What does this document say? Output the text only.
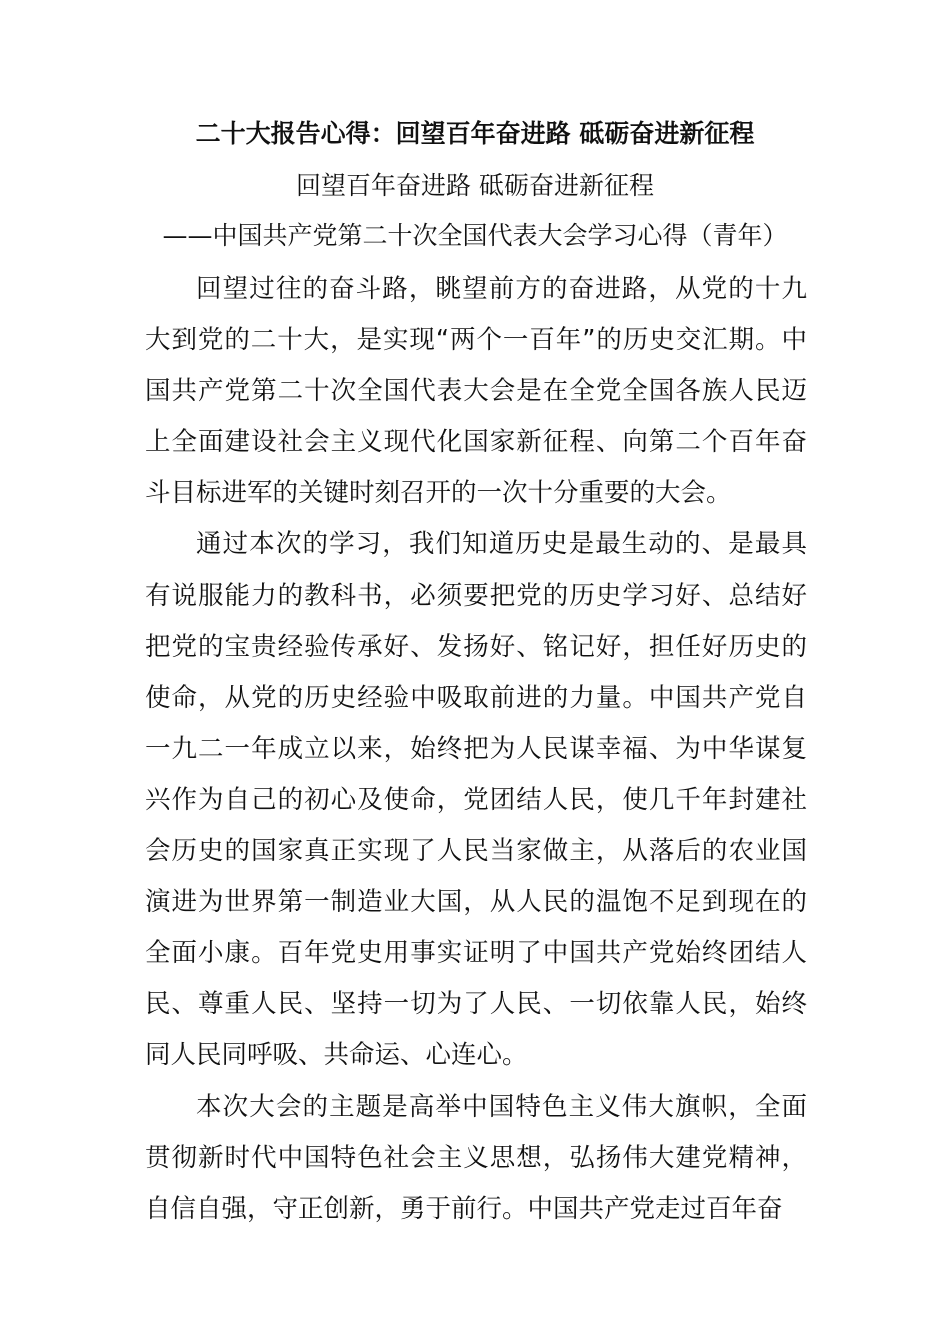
二十大报告心得：回望百年奋进路 砥砺奋进新征程
回望百年奋进路 砥砺奋进新征程
——中国共产党第二十次全国代表大会学习心得（青年）

回望过往的奋斗路，眺望前方的奋进路，从党的十九大到党的二十大，是实现“两个一百年”的历史交汇期。中国共产党第二十次全国代表大会是在全党全国各族人民迈上全面建设社会主义现代化国家新征程、向第二个百年奋斗目标进军的关键时刻召开的一次十分重要的大会。

通过本次的学习，我们知道历史是最生动的、是最具有说服能力的教科书，必须要把党的历史学习好、总结好把党的宝贵经验传承好、发扬好、铭记好，担任好历史的使命，从党的历史经验中吸取前进的力量。中国共产党自一九二一年成立以来，始终把为人民谋幸福、为中华谋复兴作为自己的初心及使命，党团结人民，使几千年封建社会历史的国家真正实现了人民当家做主，从落后的农业国演进为世界第一制造业大国，从人民的温饱不足到现在的全面小康。百年党史用事实证明了中国共产党始终团结人民、尊重人民、坚持一切为了人民、一切依靠人民，始终同人民同呼吸、共命运、心连心。

本次大会的主题是高举中国特色主义伟大旗帜，全面贯彻新时代中国特色社会主义思想，弘扬伟大建党精神，自信自强，守正创新，勇于前行。中国共产党走过百年奋
